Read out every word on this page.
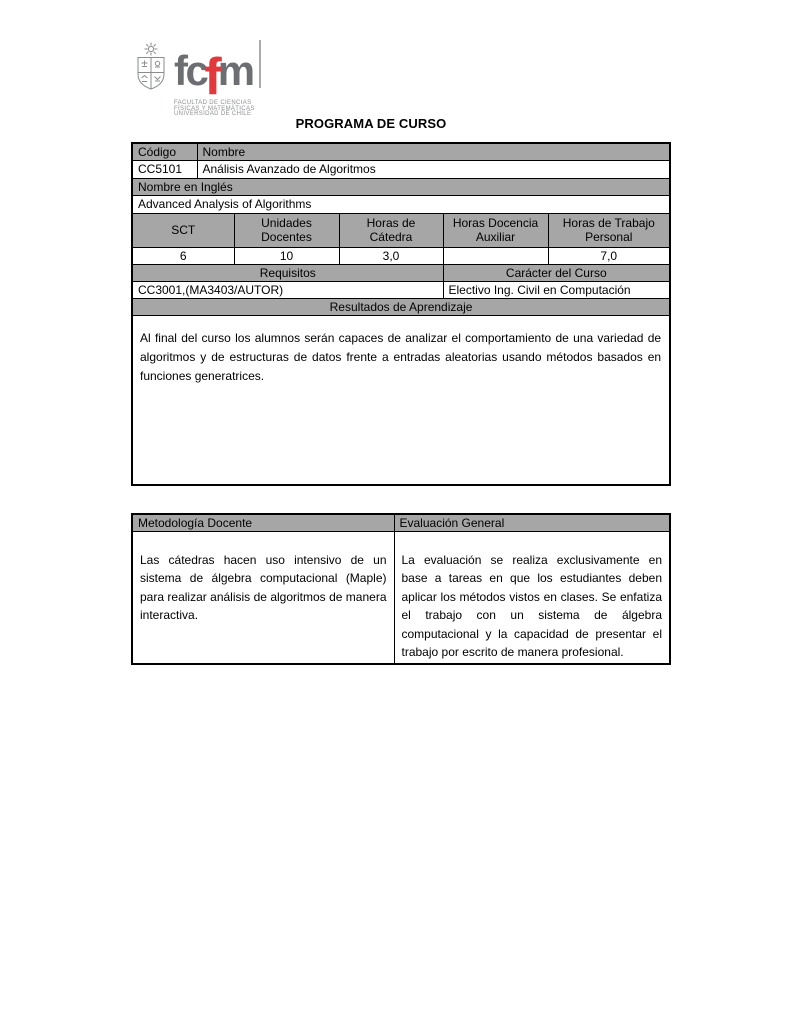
fc
f
m
FACULTAD DE CIENCIAS
FÍSICAS Y MATEMÁTICAS
UNIVERSIDAD DE CHILE
PROGRAMA DE CURSO
Código	Nombre				
CC5101	Análisis Avanzado de Algoritmos				
Nombre en Inglés					
Advanced Analysis of Algorithms					
SCT		Unidades Docentes	Horas de Cátedra	Horas Docencia Auxiliar	Horas de Trabajo Personal
6		10	3,0		7,0
Requisitos				Carácter del Curso	
CC3001,(MA3403/AUTOR)				Electivo Ing. Civil en Computación	
Resultados de Aprendizaje					
Al final del curso los alumnos serán capaces de analizar el comportamiento de una variedad de algoritmos y de estructuras de datos frente a entradas aleatorias usando métodos basados en funciones generatrices.					
Metodología Docente	Evaluación General
Las cátedras hacen uso intensivo de un sistema de álgebra computacional (Maple) para realizar análisis de algoritmos de manera interactiva.	La evaluación se realiza exclusivamente en base a tareas en que los estudiantes deben aplicar los métodos vistos en clases. Se enfatiza el trabajo con un sistema de álgebra computacional y la capacidad de presentar el trabajo por escrito de manera profesional.
